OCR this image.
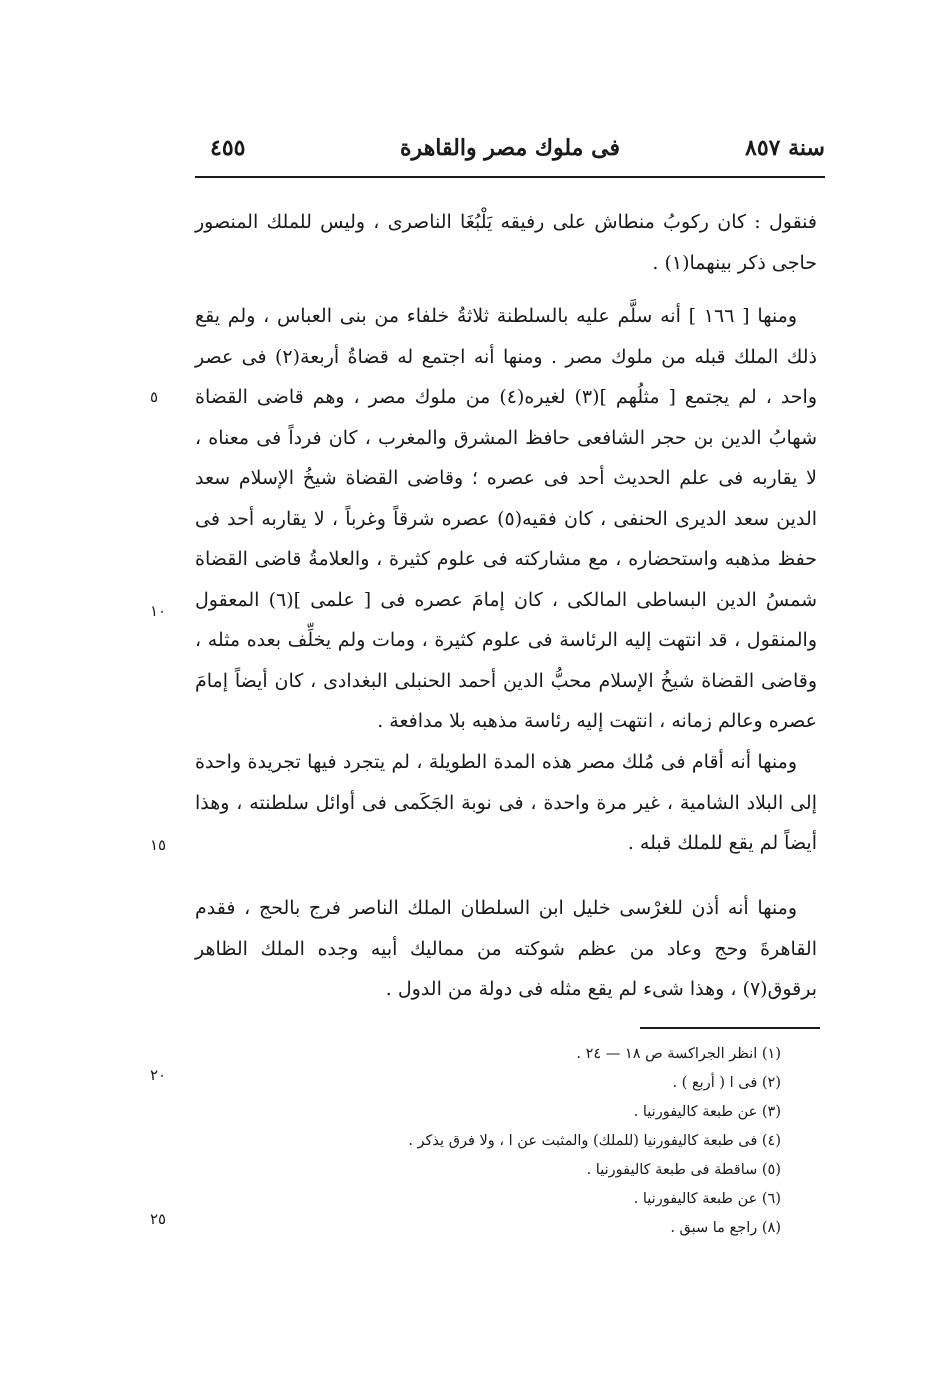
سنة ٨٥٧
فى ملوك مصر والقاهرة
٤٥٥

فنقول : كان ركوبُ منطاش على رفيقه يَلْبُغَا الناصرى ، وليس للملك المنصور حاجى ذكر بينهما(١) .

ومنها [ ١٦٦ ] أنه سلَّم عليه بالسلطنة ثلاثةُ خلفاء من بنى العباس ، ولم يقع ذلك الملك قبله من ملوك مصر . ومنها أنه اجتمع له قضاةُ أربعة(٢) فى عصر واحد ، لم يجتمع [ مثلُهم ](٣) لغيره(٤) من ملوك مصر ، وهم قاضى القضاة شهابُ الدين بن حجر الشافعى حافظ المشرق والمغرب ، كان فرداً فى معناه ، لا يقاربه فى علم الحديث أحد فى عصره ؛ وقاضى القضاة شيخُ الإسلام سعد الدين سعد الديرى الحنفى ، كان فقيه(٥) عصره شرقاً وغرباً ، لا يقاربه أحد فى حفظ مذهبه واستحضاره ، مع مشاركته فى علوم كثيرة ، والعلامةُ قاضى القضاة شمسُ الدين البساطى المالكى ، كان إمامَ عصره فى [ علمى ](٦) المعقول والمنقول ، قد انتهت إليه الرئاسة فى علوم كثيرة ، ومات ولم يخلِّف بعده مثله ، وقاضى القضاة شيخُ الإسلام محبُّ الدين أحمد الحنبلى البغدادى ، كان أيضاً إمامَ عصره وعالم زمانه ، انتهت إليه رئاسة مذهبه بلا مدافعة .

ومنها أنه أقام فى مُلك مصر هذه المدة الطويلة ، لم يتجرد فيها تجريدة واحدة إلى البلاد الشامية ، غير مرة واحدة ، فى نوبة الجَكَمى فى أوائل سلطنته ، وهذا أيضاً لم يقع للملك قبله .

ومنها أنه أذن للغرْسى خليل ابن السلطان الملك الناصر فرج بالحج ، فقدم القاهرةَ وحج وعاد من عظم شوكته من مماليك أبيه وجده الملك الظاهر برقوق(٧) ، وهذا شىء لم يقع مثله فى دولة من الدول .

٥
١٠
١٥
٢٠
٢٥
(١) انظر الجراكسة ص ١٨ — ٢٤ .
(٢) فى ا ( أربع ) .
(٣) عن طبعة كاليفورنيا .
(٤) فى طبعة كاليفورنيا (للملك) والمثبت عن ا ، ولا فرق يذكر .
(٥) ساقطة فى طبعة كاليفورنيا .
(٦) عن طبعة كاليفورنيا .
(٨) راجع ما سبق .
